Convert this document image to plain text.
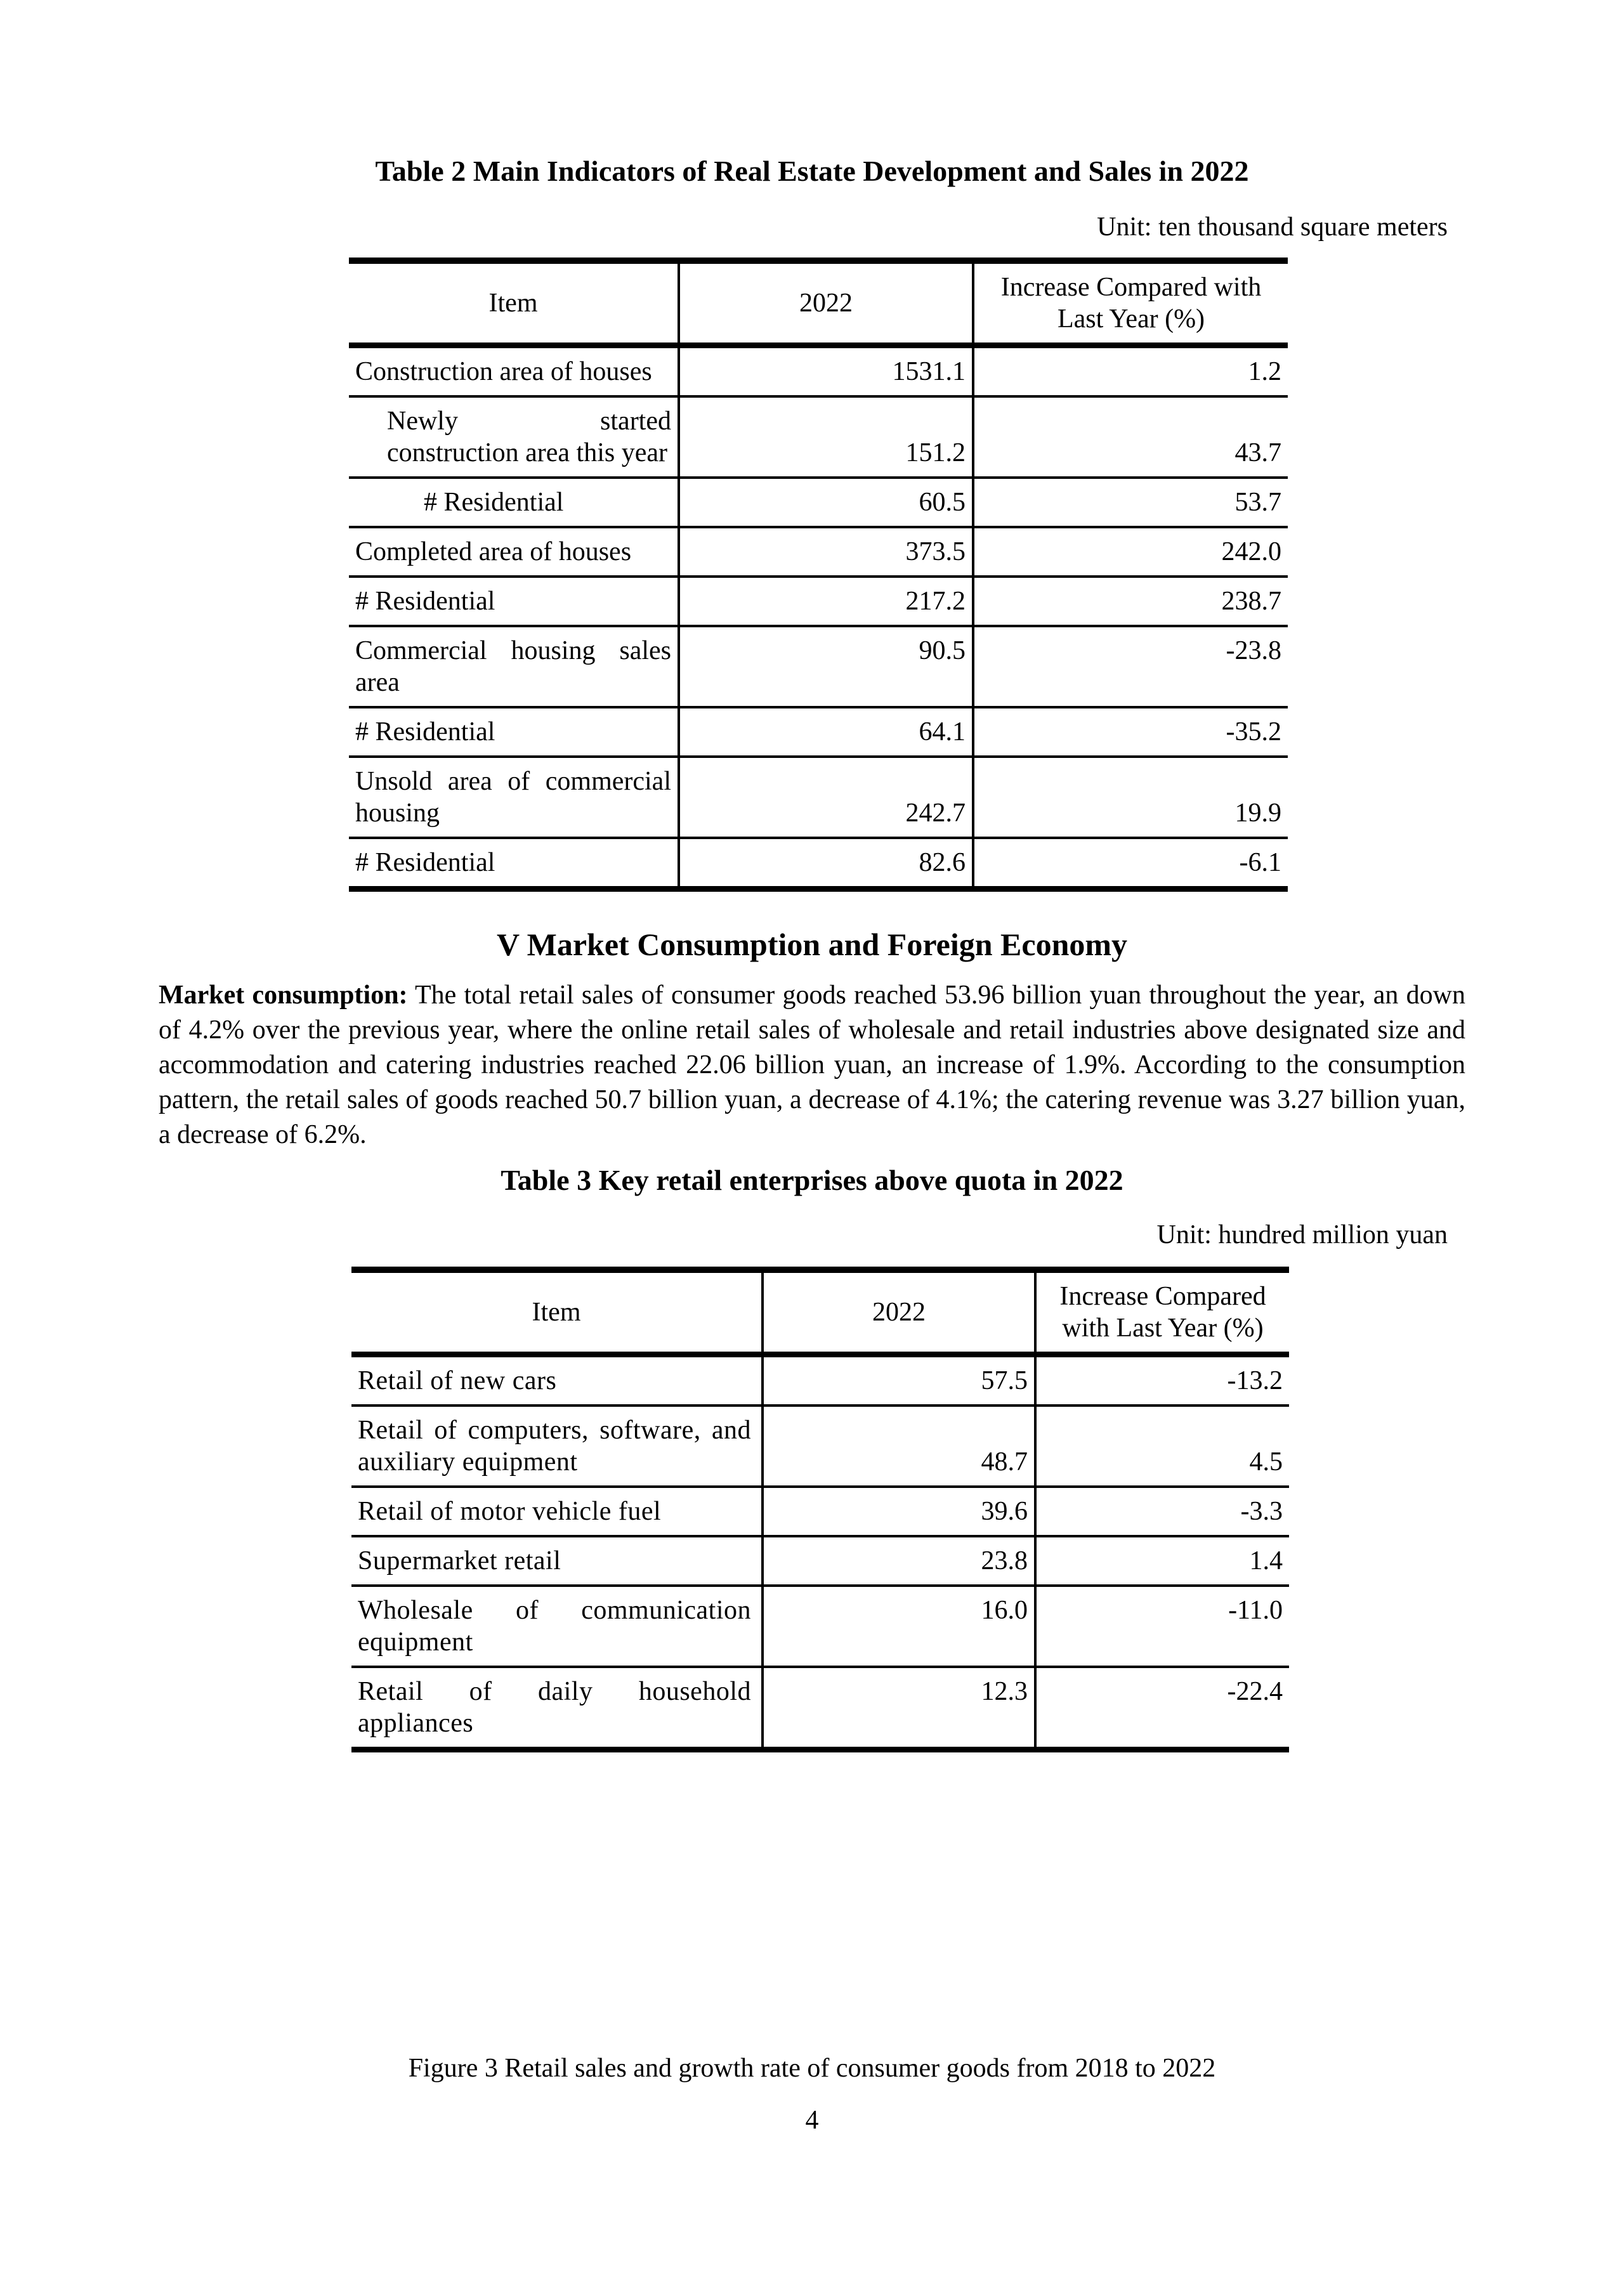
Table 2 Main Indicators of Real Estate Development and Sales in 2022
Unit: ten thousand square meters
Item	2022	Increase Compared with Last Year (%)
Construction area of houses	1531.1	1.2
Newly started construction area this year	151.2	43.7
# Residential	60.5	53.7
Completed area of houses	373.5	242.0
# Residential	217.2	238.7
Commercial housing sales area	90.5	-23.8
# Residential	64.1	-35.2
Unsold area of commercial housing	242.7	19.9
# Residential	82.6	-6.1
V Market Consumption and Foreign Economy

Market consumption: The total retail sales of consumer goods reached 53.96 billion yuan throughout the year, an down of 4.2% over the previous year, where the online retail sales of wholesale and retail industries above designated size and accommodation and catering industries reached 22.06 billion yuan, an increase of 1.9%. According to the consumption pattern, the retail sales of goods reached 50.7 billion yuan, a decrease of 4.1%; the catering revenue was 3.27 billion yuan, a decrease of 6.2%.

Table 3 Key retail enterprises above quota in 2022
Unit: hundred million yuan
Item	2022	Increase Compared with Last Year (%)
Retail of new cars	57.5	-13.2
Retail of computers, software, and auxiliary equipment	48.7	4.5
Retail of motor vehicle fuel	39.6	-3.3
Supermarket retail	23.8	1.4
Wholesale of communication equipment	16.0	-11.0
Retail of daily household appliances	12.3	-22.4
Figure 3 Retail sales and growth rate of consumer goods from 2018 to 2022
4
